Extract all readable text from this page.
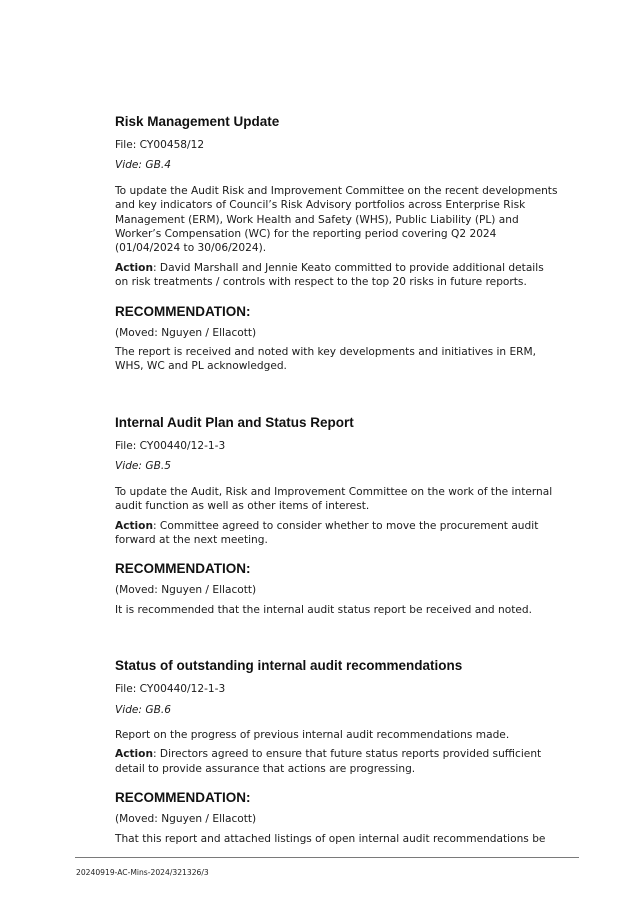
Risk Management Update
File: CY00458/12
Vide: GB.4
To update the Audit Risk and Improvement Committee on the recent developments and key indicators of Council’s Risk Advisory portfolios across Enterprise Risk Management (ERM), Work Health and Safety (WHS), Public Liability (PL) and Worker’s Compensation (WC) for the reporting period covering Q2 2024 (01/04/2024 to 30/06/2024).
Action: David Marshall and Jennie Keato committed to provide additional details on risk treatments / controls with respect to the top 20 risks in future reports.
RECOMMENDATION:
(Moved: Nguyen / Ellacott)
The report is received and noted with key developments and initiatives in ERM, WHS, WC and PL acknowledged.
Internal Audit Plan and Status Report
File: CY00440/12-1-3
Vide: GB.5
To update the Audit, Risk and Improvement Committee on the work of the internal audit function as well as other items of interest.
Action: Committee agreed to consider whether to move the procurement audit forward at the next meeting.
RECOMMENDATION:
(Moved: Nguyen / Ellacott)
It is recommended that the internal audit status report be received and noted.
Status of outstanding internal audit recommendations
File: CY00440/12-1-3
Vide: GB.6
Report on the progress of previous internal audit recommendations made.
Action: Directors agreed to ensure that future status reports provided sufficient detail to provide assurance that actions are progressing.
RECOMMENDATION:
(Moved: Nguyen / Ellacott)
That this report and attached listings of open internal audit recommendations be
20240919-AC-Mins-2024/321326/3
